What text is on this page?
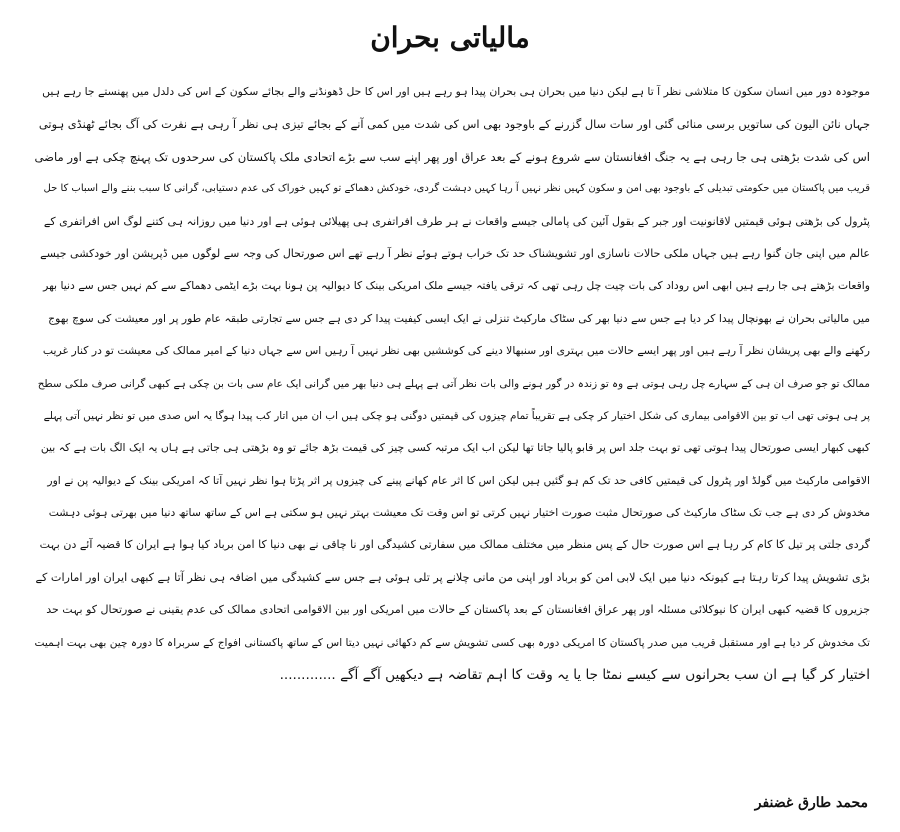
مالیاتی بحران
موجودہ دور میں انسان سکون کا متلاشی نظر آ تا ہے لیکن دنیا میں بحران ہی بحران پیدا ہو رہے ہیں اور اس کا حل ڈھونڈنے والے بجائے سکون کے اس کی دلدل میں پھنستے جا رہے ہیں
جہاں نائن الیون کی ساتویں برسی منائی گئی اور سات سال گزرنے کے باوجود بھی اس کی شدت میں کمی آنے کے بجائے تیزی ہی نظر آ رہی ہے نفرت کی آگ بجائے ٹھنڈی ہوتی
اس کی شدت بڑھتی ہی جا رہی ہے یہ جنگ افغانستان سے شروع ہونے کے بعد عراق اور پھر اپنے سب سے بڑے اتحادی ملک پاکستان کی سرحدوں تک پہنچ چکی ہے اور ماضی
قریب میں پاکستان میں حکومتی تبدیلی کے باوجود بھی امن و سکون کہیں نظر نہیں آ رہا کہیں دہشت گردی، خودکش دھماکے تو کہیں خوراک کی عدم دستیابی، گرانی کا سبب بننے والے اسباب کا حل
پٹرول کی بڑھتی ہوئی قیمتیں لاقانونیت اور جبر کے بقول آئین کی پامالی جیسے واقعات نے ہر طرف افراتفری ہی پھیلائی ہوئی ہے اور دنیا میں روزانہ ہی کتنے لوگ اس افراتفری کے
عالم میں اپنی جان گنوا رہے ہیں جہاں ملکی حالات ناسازی اور تشویشناک حد تک خراب ہوتے ہوئے نظر آ رہے تھے اس صورتحال کی وجہ سے لوگوں میں ڈپریشن اور خودکشی جیسے
واقعات بڑھتے ہی جا رہے ہیں ابھی اس روداد کی بات چیت چل رہی تھی کہ ترقی یافتہ جیسے ملک امریکی بینک کا دیوالیہ پن ہونا بہت بڑے ایٹمی دھماکے سے کم نہیں جس سے دنیا بھر
میں مالیاتی بحران نے بھونچال پیدا کر دیا ہے جس سے دنیا بھر کی سٹاک مارکیٹ تنزلی نے ایک ایسی کیفیت پیدا کر دی ہے جس سے تجارتی طبقہ عام طور پر اور معیشت کی سوچ بھوج
رکھنے والے بھی پریشان نظر آ رہے ہیں اور پھر ایسے حالات میں بہتری اور سنبھالا دینے کی کوششیں بھی نظر نہیں آ رہیں اس سے جہاں دنیا کے امیر ممالک کی معیشت تو در کنار غریب
ممالک تو جو صرف ان ہی کے سہارے چل رہی ہوتی ہے وہ تو زندہ در گور ہونے والی بات نظر آتی ہے پہلے ہی دنیا بھر میں گرانی ایک عام سی بات بن چکی ہے کبھی گرانی صرف ملکی سطح
پر ہی ہوتی تھی اب تو بین الاقوامی بیماری کی شکل اختیار کر چکی ہے تقریباً تمام چیزوں کی قیمتیں دوگنی ہو چکی ہیں اب ان میں اتار کب پیدا ہوگا یہ اس صدی میں تو نظر نہیں آتی پہلے
کبھی کبھار ایسی صورتحال پیدا ہوتی تھی تو بہت جلد اس پر قابو پالیا جاتا تھا لیکن اب ایک مرتبہ کسی چیز کی قیمت بڑھ جائے تو وہ بڑھتی ہی جاتی ہے ہاں یہ ایک الگ بات ہے کہ بین
الاقوامی مارکیٹ میں گولڈ اور پٹرول کی قیمتیں کافی حد تک کم ہو گئیں ہیں لیکن اس کا اثر عام کھانے پینے کی چیزوں پر اثر پڑتا ہوا نظر نہیں آتا کہ امریکی بینک کے دیوالیہ پن نے اور
مخدوش کر دی ہے جب تک سٹاک مارکیٹ کی صورتحال مثبت صورت اختیار نہیں کرتی تو اس وقت تک معیشت بہتر نہیں ہو سکتی ہے اس کے ساتھ ساتھ دنیا میں بھرتی ہوئی دہشت
گردی جلتی پر تیل کا کام کر رہا ہے اس صورت حال کے پس منظر میں مختلف ممالک میں سفارتی کشیدگی اور نا چاقی نے بھی دنیا کا امن برباد کیا ہوا ہے ایران کا قضیہ آئے دن بہت
بڑی تشویش پیدا کرتا رہتا ہے کیونکہ دنیا میں ایک لابی امن کو برباد اور اپنی من مانی چلانے پر تلی ہوئی ہے جس سے کشیدگی میں اضافہ ہی نظر آتا ہے کبھی ایران اور امارات کے
جزیروں کا قضیہ کبھی ایران کا نیوکلائی مسئلہ اور پھر عراق افغانستان کے بعد پاکستان کے حالات میں امریکی اور بین الاقوامی اتحادی ممالک کی عدم یقینی نے صورتحال کو بہت حد
تک مخدوش کر دیا ہے اور مستقبل قریب میں صدر پاکستان کا امریکی دورہ بھی کسی تشویش سے کم دکھائی نہیں دیتا اس کے ساتھ پاکستانی افواج کے سربراہ کا دورہ چین بھی بہت اہمیت
اختیار کر گیا ہے ان سب بحرانوں سے کیسے نمٹا جا یا یہ وقت کا اہم تقاضہ ہے دیکھیں آگے آگے .............
محمد طارق غضنفر
